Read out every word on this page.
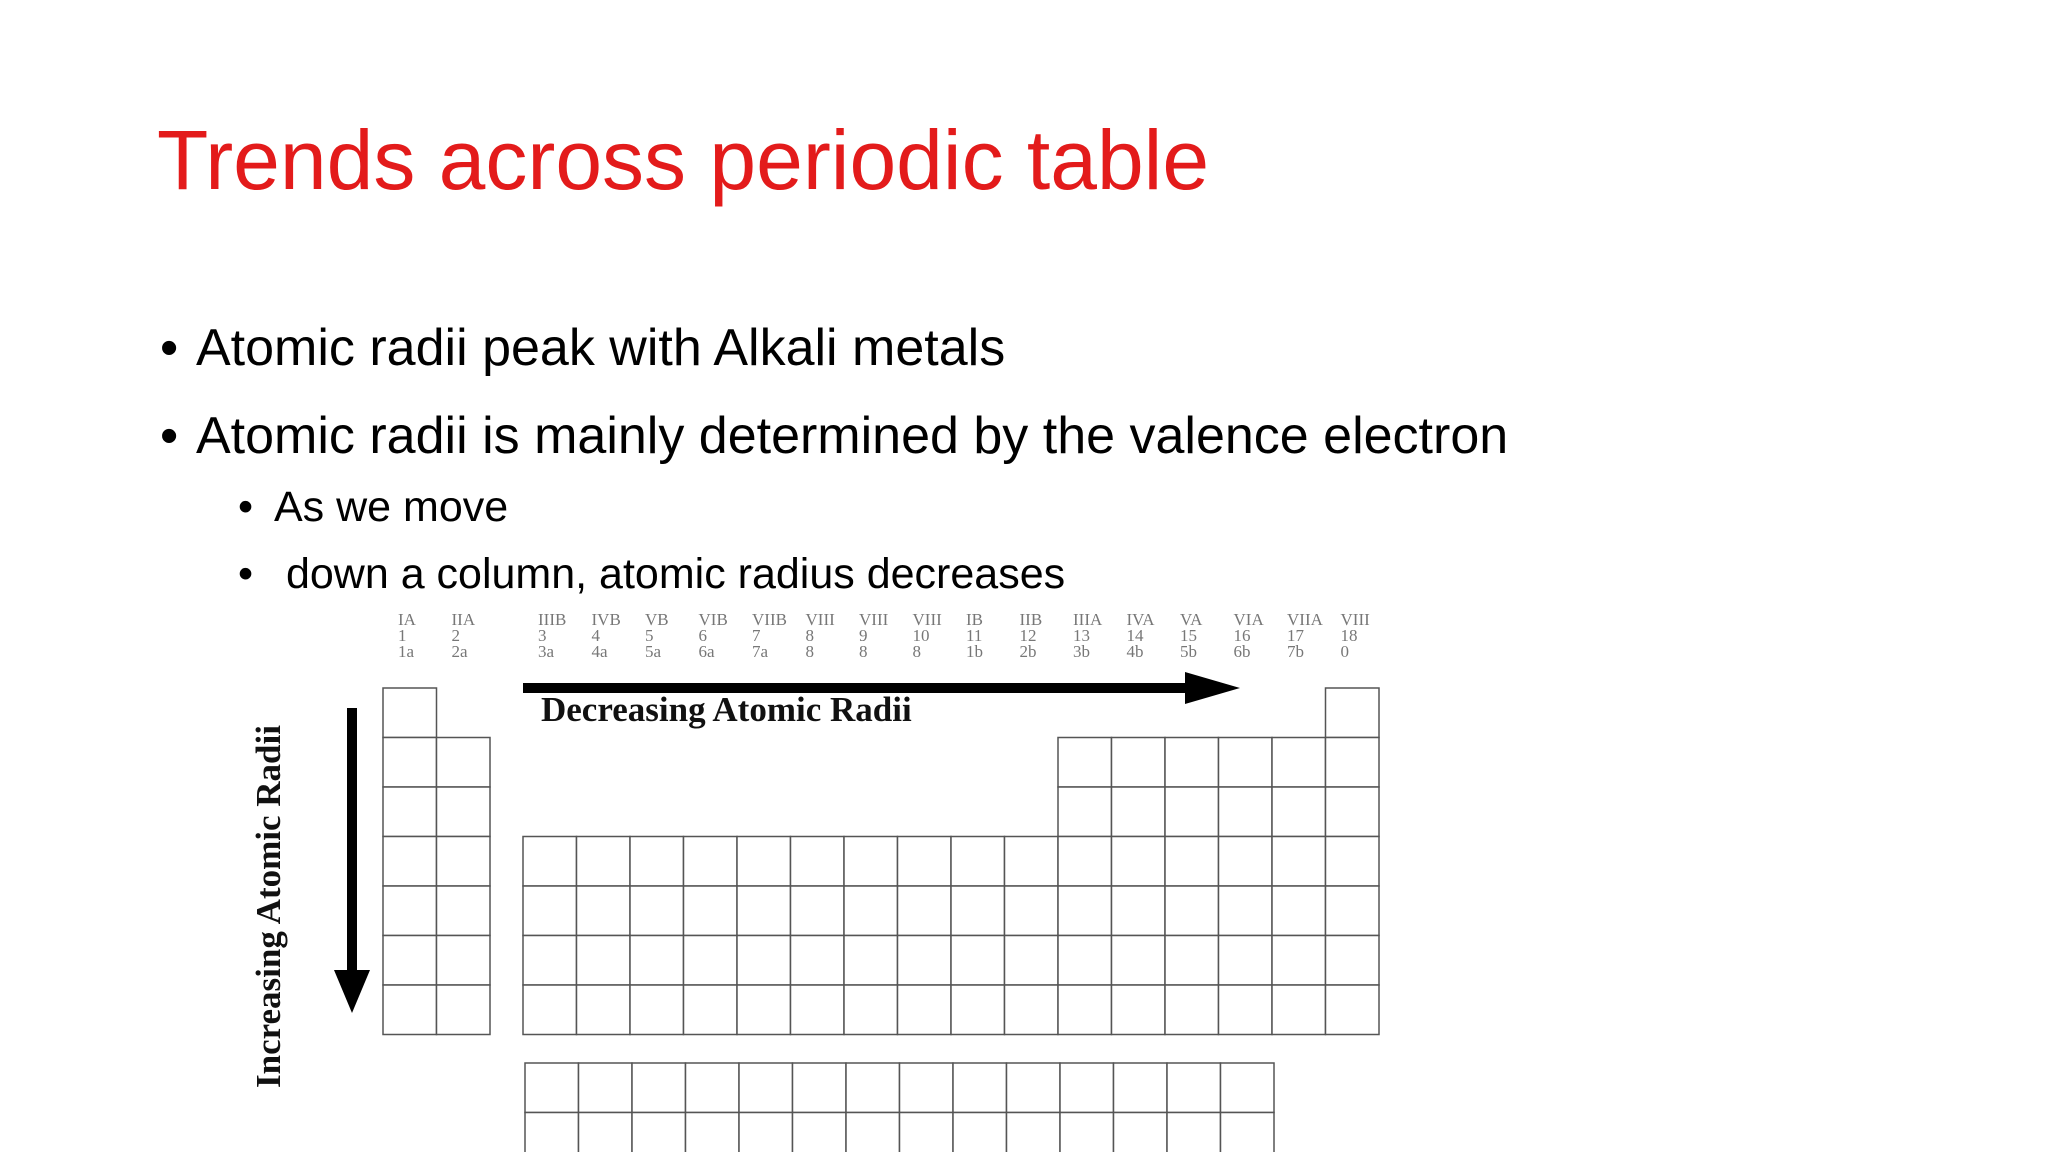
Trends across periodic table
• Atomic radii peak with Alkali metals
• Atomic radii is mainly determined by the valence electron
• As we move
• down a column, atomic radius decreases
IA
1
1a
IIA
2
2a
IIIB
3
3a
IVB
4
4a
VB
5
5a
VIB
6
6a
VIIB
7
7a
VIII
8
8
VIII
9
8
VIII
10
8
IB
11
1b
IIB
12
2b
IIIA
13
3b
IVA
14
4b
VA
15
5b
VIA
16
6b
VIIA
17
7b
VIII
18
0
Decreasing Atomic Radii
Increasing Atomic Radii
